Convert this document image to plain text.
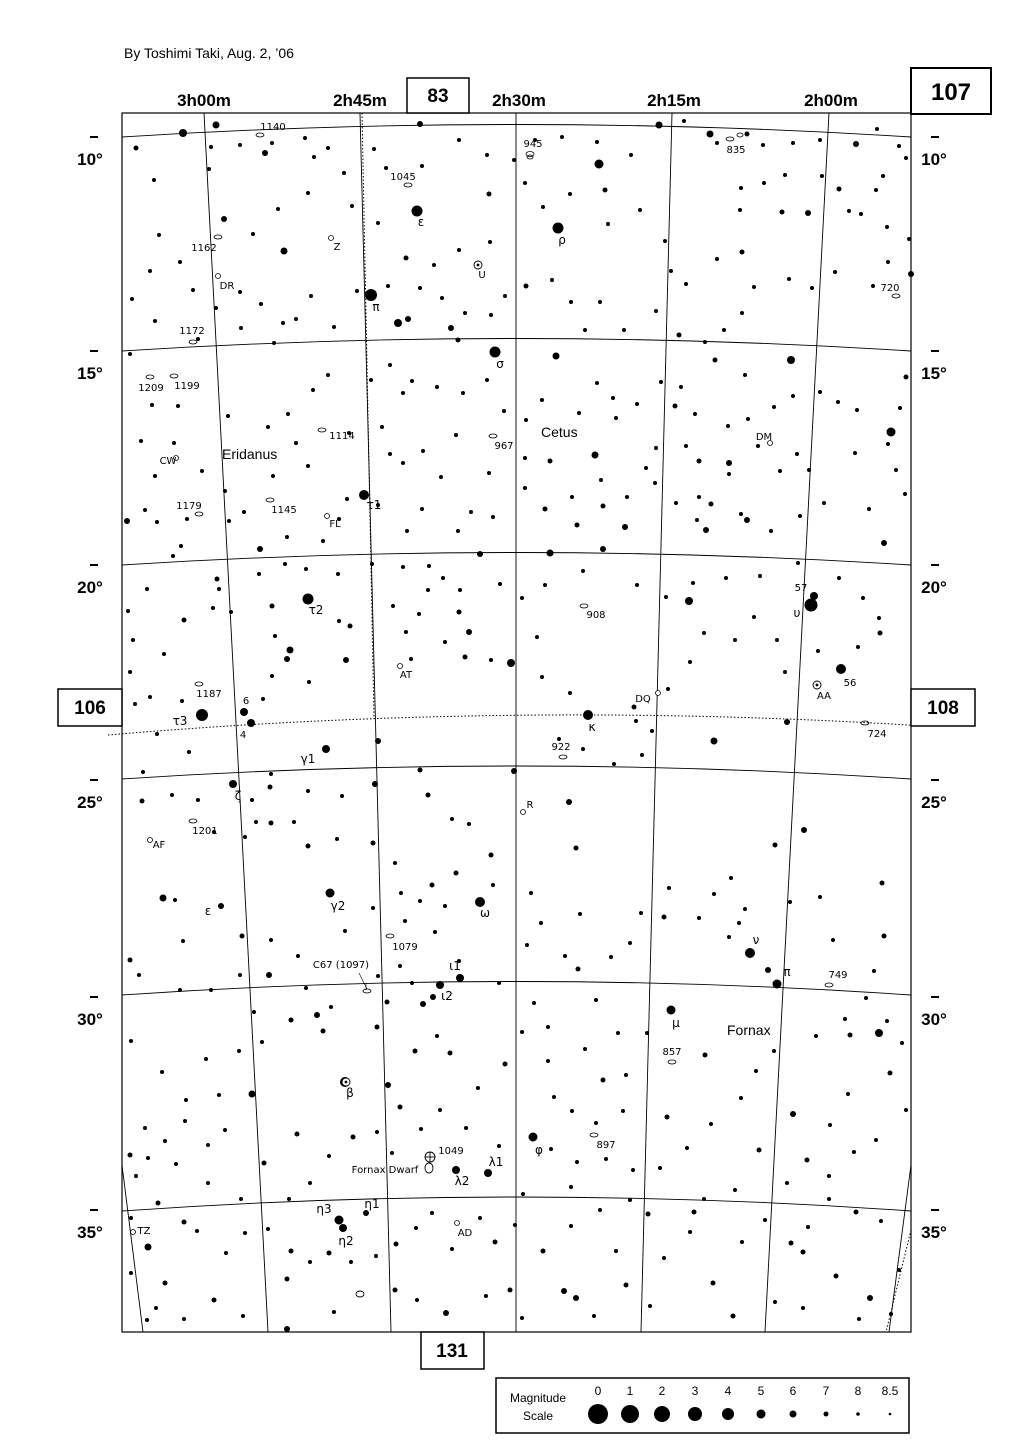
By Toshimi Taki, Aug. 2, ’06
3h00m	2h45m	2h30m	2h15m	2h00m
10°
15°
20°
25°
30°
35°
10°
15°
20°
25°
30°
35°
83	107
106	108
131
Eridanus
Cetus
Fornax
ε
ρ
π
σ
τ1
τ2
τ3
6
4
κ
57
υ
56
γ1
ζ
ε	γ2	ω
ι1
ι2
ν
π
μ
β
φ
λ1
λ2
η1
η3
η2
Z
U
DR
CW
FL
AT
DQ	AA
R
AF
DM
AD
TZ
1140
945
835
1045
1162
720
1172
1209 1199
1114
967
1179	1145
908
1187
724
922
1201
1079
C67 (1097)
749
857
897
1049
Fornax Dwarf
Magnitude
Scale
0 1 2 3 4 5 6 7 8 8.5
